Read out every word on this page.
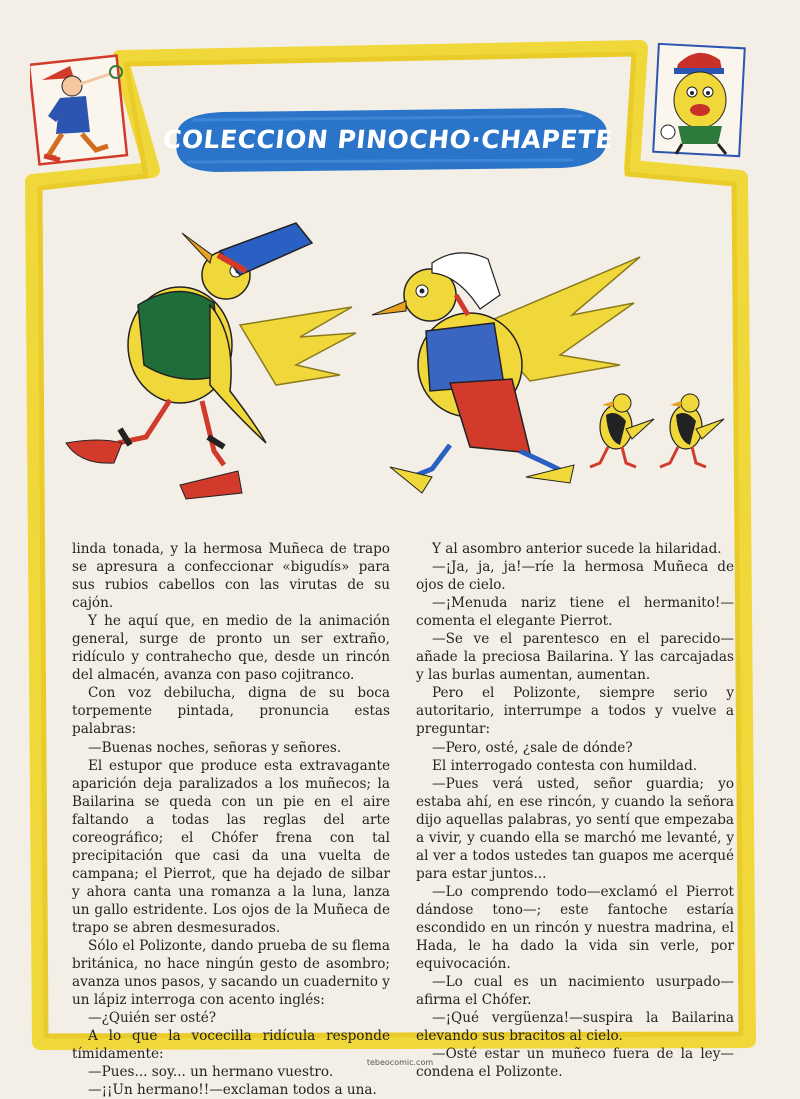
COLECCION PINOCHO·CHAPETE

linda tonada, y la hermosa Muñeca de trapo se apresura a confeccionar «bigudís» para sus rubios cabellos con las virutas de su cajón.

Y he aquí que, en medio de la animación general, surge de pronto un ser extraño, ridículo y contrahecho que, desde un rincón del almacén, avanza con paso cojitranco.

Con voz debilucha, digna de su boca torpemente pintada, pronuncia estas palabras:

—Buenas noches, señoras y señores.

El estupor que produce esta extravagante aparición deja paralizados a los muñecos; la Bailarina se queda con un pie en el aire faltando a todas las reglas del arte coreográfico; el Chófer frena con tal precipitación que casi da una vuelta de campana; el Pierrot, que ha dejado de silbar y ahora canta una romanza a la luna, lanza un gallo estridente. Los ojos de la Muñeca de trapo se abren desmesurados.

Sólo el Polizonte, dando prueba de su flema británica, no hace ningún gesto de asombro; avanza unos pasos, y sacando un cuadernito y un lápiz interroga con acento inglés:

—¿Quién ser osté?

A lo que la vocecilla ridícula responde tímidamente:

—Pues... soy... un hermano vuestro.

—¡¡Un hermano!!—exclaman todos a una.

Y al asombro anterior sucede la hilaridad.

—¡Ja, ja, ja!—ríe la hermosa Muñeca de ojos de cielo.

—¡Menuda nariz tiene el hermanito!—comenta el elegante Pierrot.

—Se ve el parentesco en el parecido—añade la preciosa Bailarina. Y las carcajadas y las burlas aumentan, aumentan.

Pero el Polizonte, siempre serio y autoritario, interrumpe a todos y vuelve a preguntar:

—Pero, osté, ¿sale de dónde?

El interrogado contesta con humildad.

—Pues verá usted, señor guardia; yo estaba ahí, en ese rincón, y cuando la señora dijo aquellas palabras, yo sentí que empezaba a vivir, y cuando ella se marchó me levanté, y al ver a todos ustedes tan guapos me acerqué para estar juntos...

—Lo comprendo todo—exclamó el Pierrot dándose tono—; este fantoche estaría escondido en un rincón y nuestra madrina, el Hada, le ha dado la vida sin verle, por equivocación.

—Lo cual es un nacimiento usurpado—afirma el Chófer.

—¡Qué vergüenza!—suspira la Bailarina elevando sus bracitos al cielo.

—Osté estar un muñeco fuera de la ley—condena el Polizonte.

tebeocomic.com
